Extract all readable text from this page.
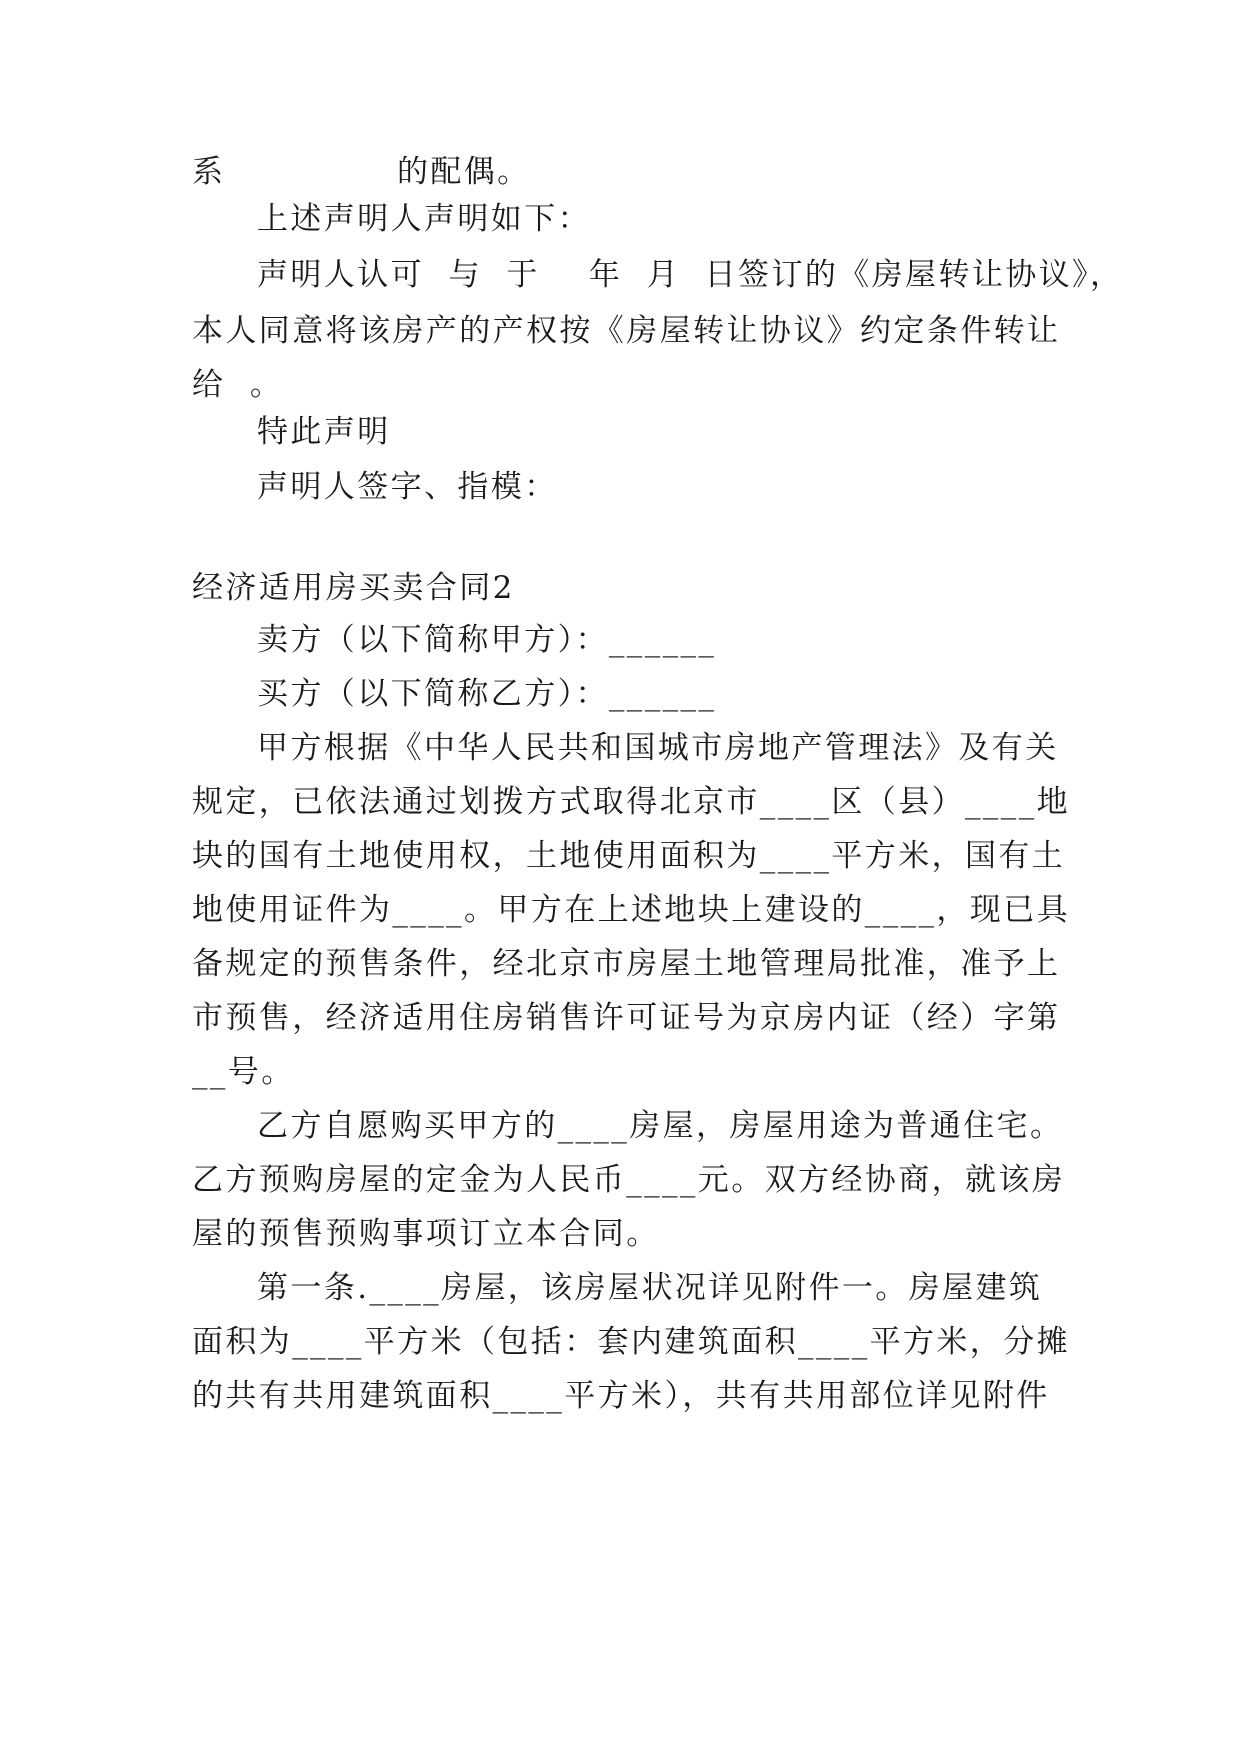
系              的配偶。
上述声明人声明如下：
声明人认可  与  于    年  月  日签订的《房屋转让协议》，
本人同意将该房产的产权按《房屋转让协议》约定条件转让
给  。
特此声明
声明人签字、指模：
经济适用房买卖合同2
卖方（以下简称甲方）：______
买方（以下简称乙方）：______
甲方根据《中华人民共和国城市房地产管理法》及有关
规定，已依法通过划拨方式取得北京市____区（县）____地
块的国有土地使用权，土地使用面积为____平方米，国有土
地使用证件为____。甲方在上述地块上建设的____，现已具
备规定的预售条件，经北京市房屋土地管理局批准，准予上
市预售，经济适用住房销售许可证号为京房内证（经）字第
__号。
乙方自愿购买甲方的____房屋，房屋用途为普通住宅。
乙方预购房屋的定金为人民币____元。双方经协商，就该房
屋的预售预购事项订立本合同。
第一条.____房屋，该房屋状况详见附件一。房屋建筑
面积为____平方米（包括：套内建筑面积____平方米，分摊
的共有共用建筑面积____平方米），共有共用部位详见附件
